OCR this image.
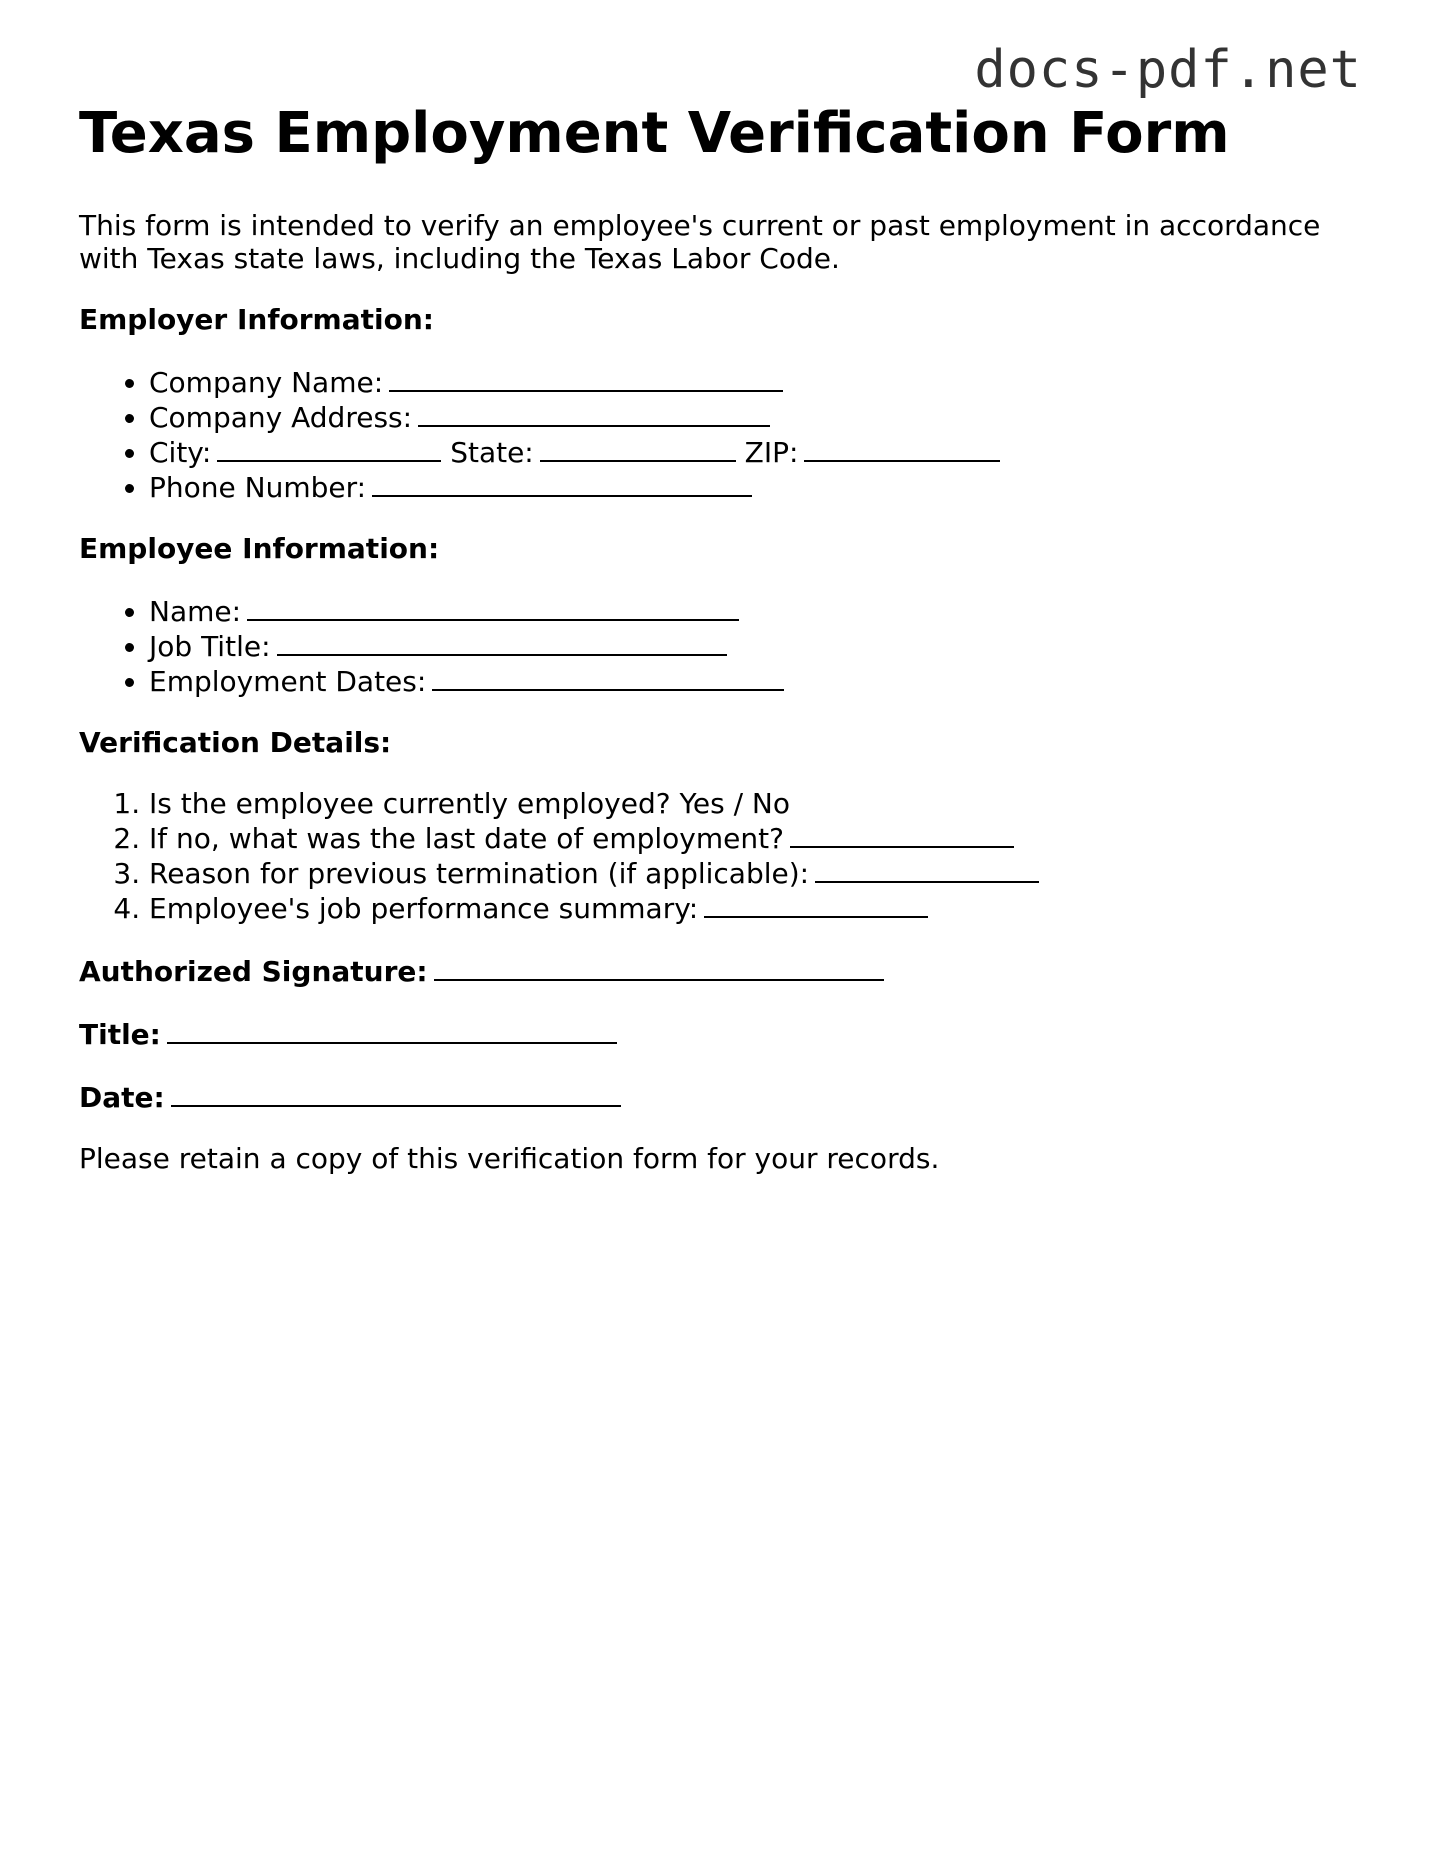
docs-pdf.net
Texas Employment Verification Form

This form is intended to verify an employee's current or past employment in accordance with Texas state laws, including the Texas Labor Code.

Employer Information:

• Company Name:
• Company Address:
• City:	State:	ZIP:
• Phone Number:

Employee Information:

• Name:
• Job Title:
• Employment Dates:

Verification Details:

1. Is the employee currently employed? Yes / No
2. If no, what was the last date of employment?
3. Reason for previous termination (if applicable):
4. Employee's job performance summary:

Authorized Signature:

Title:

Date:

Please retain a copy of this verification form for your records.
